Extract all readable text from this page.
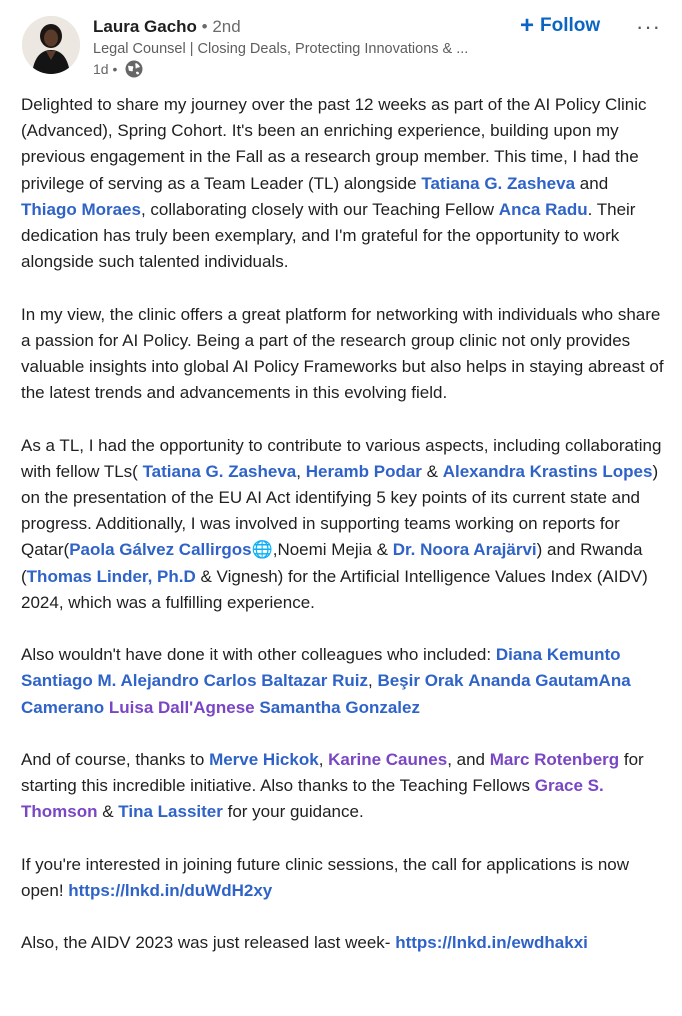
Laura Gacho • 2nd
Legal Counsel | Closing Deals, Protecting Innovations & ...
1d •
+ Follow ···

Delighted to share my journey over the past 12 weeks as part of the AI Policy Clinic (Advanced), Spring Cohort. It's been an enriching experience, building upon my previous engagement in the Fall as a research group member. This time, I had the privilege of serving as a Team Leader (TL) alongside Tatiana G. Zasheva and Thiago Moraes, collaborating closely with our Teaching Fellow Anca Radu. Their dedication has truly been exemplary, and I'm grateful for the opportunity to work alongside such talented individuals.

In my view, the clinic offers a great platform for networking with individuals who share a passion for AI Policy. Being a part of the research group clinic not only provides valuable insights into global AI Policy Frameworks but also helps in staying abreast of the latest trends and advancements in this evolving field.

As a TL, I had the opportunity to contribute to various aspects, including collaborating with fellow TLs( Tatiana G. Zasheva, Heramb Podar & Alexandra Krastins Lopes) on the presentation of the EU AI Act identifying 5 key points of its current state and progress. Additionally, I was involved in supporting teams working on reports for Qatar(Paola Gálvez Callirgos🌐,Noemi Mejia & Dr. Noora Arajärvi) and Rwanda (Thomas Linder, Ph.D & Vignesh) for the Artificial Intelligence Values Index (AIDV) 2024, which was a fulfilling experience.

Also wouldn't have done it with other colleagues who included: Diana Kemunto Santiago M. Alejandro Carlos Baltazar Ruiz, Beşir Orak Ananda GautamAna Camerano Luisa Dall'Agnese Samantha Gonzalez

And of course, thanks to Merve Hickok, Karine Caunes, and Marc Rotenberg for starting this incredible initiative. Also thanks to the Teaching Fellows Grace S. Thomson & Tina Lassiter for your guidance.

If you're interested in joining future clinic sessions, the call for applications is now open! https://lnkd.in/duWdH2xy

Also, the AIDV 2023 was just released last week- https://lnkd.in/ewdhakxi
